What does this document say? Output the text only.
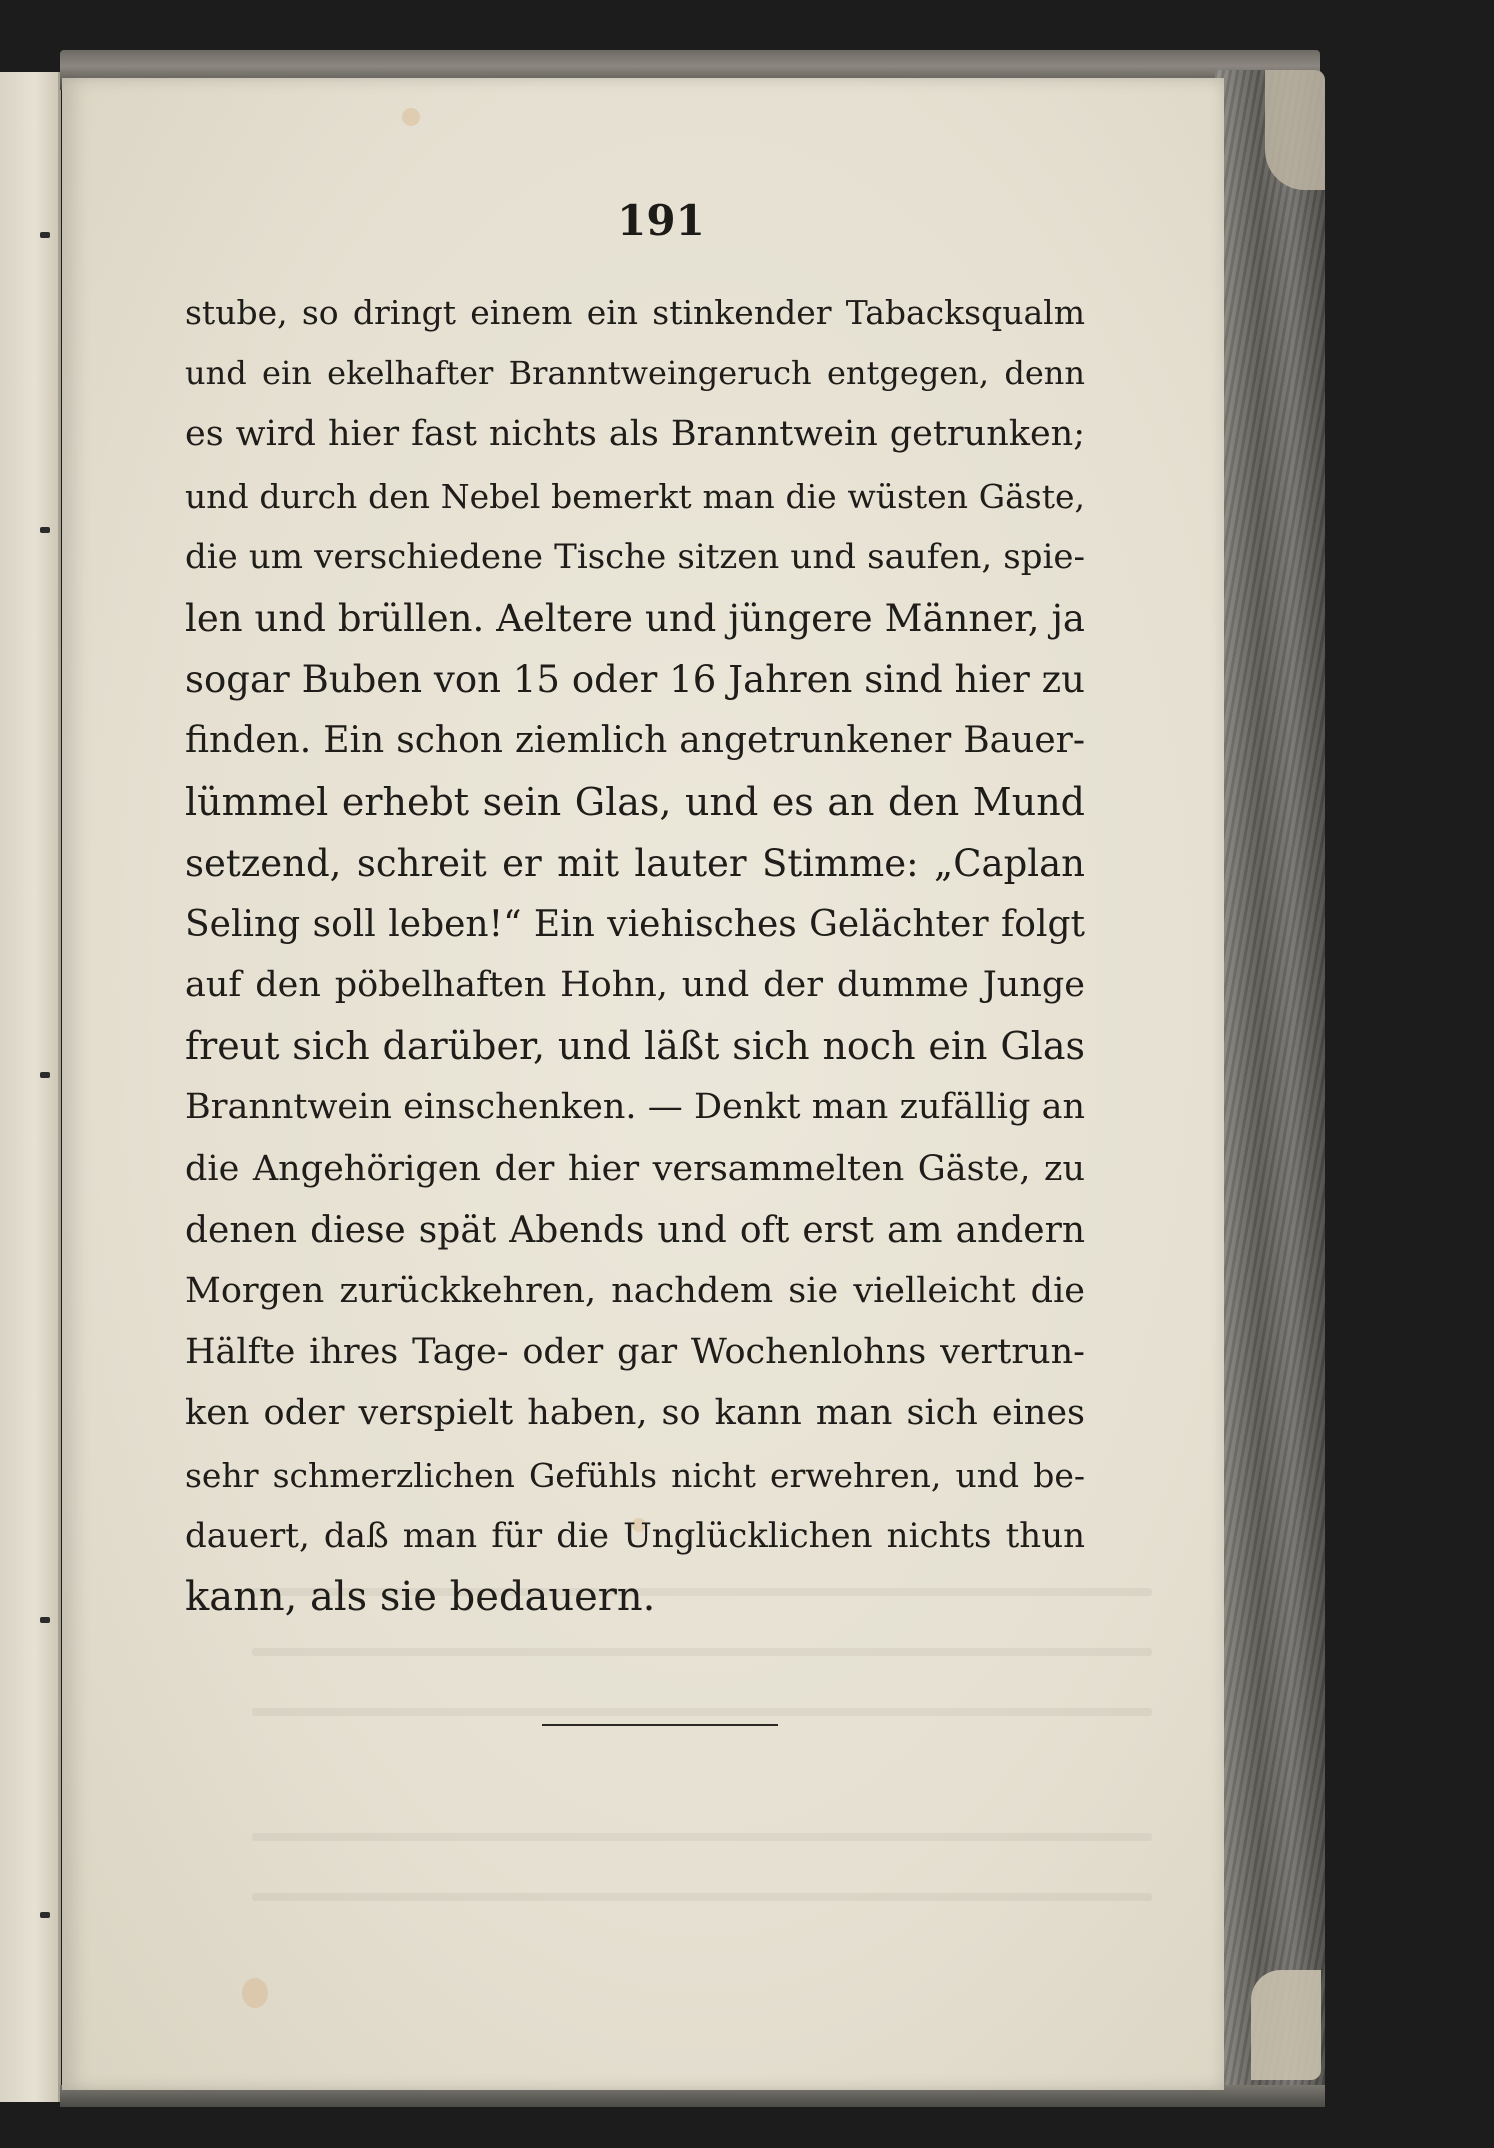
191
stube, so dringt einem ein stinkender Tabacksqualm
und ein ekelhafter Branntweingeruch entgegen, denn
es wird hier fast nichts als Branntwein getrunken;
und durch den Nebel bemerkt man die wüsten Gäste,
die um verschiedene Tische sitzen und saufen, spie-
len und brüllen. Aeltere und jüngere Männer, ja
sogar Buben von 15 oder 16 Jahren sind hier zu
finden. Ein schon ziemlich angetrunkener Bauer-
lümmel erhebt sein Glas, und es an den Mund
setzend, schreit er mit lauter Stimme: „Caplan
Seling soll leben!“ Ein viehisches Gelächter folgt
auf den pöbelhaften Hohn, und der dumme Junge
freut sich darüber, und läßt sich noch ein Glas
Branntwein einschenken. — Denkt man zufällig an
die Angehörigen der hier versammelten Gäste, zu
denen diese spät Abends und oft erst am andern
Morgen zurückkehren, nachdem sie vielleicht die
Hälfte ihres Tage- oder gar Wochenlohns vertrun-
ken oder verspielt haben, so kann man sich eines
sehr schmerzlichen Gefühls nicht erwehren, und be-
dauert, daß man für die Unglücklichen nichts thun
kann, als sie bedauern.
